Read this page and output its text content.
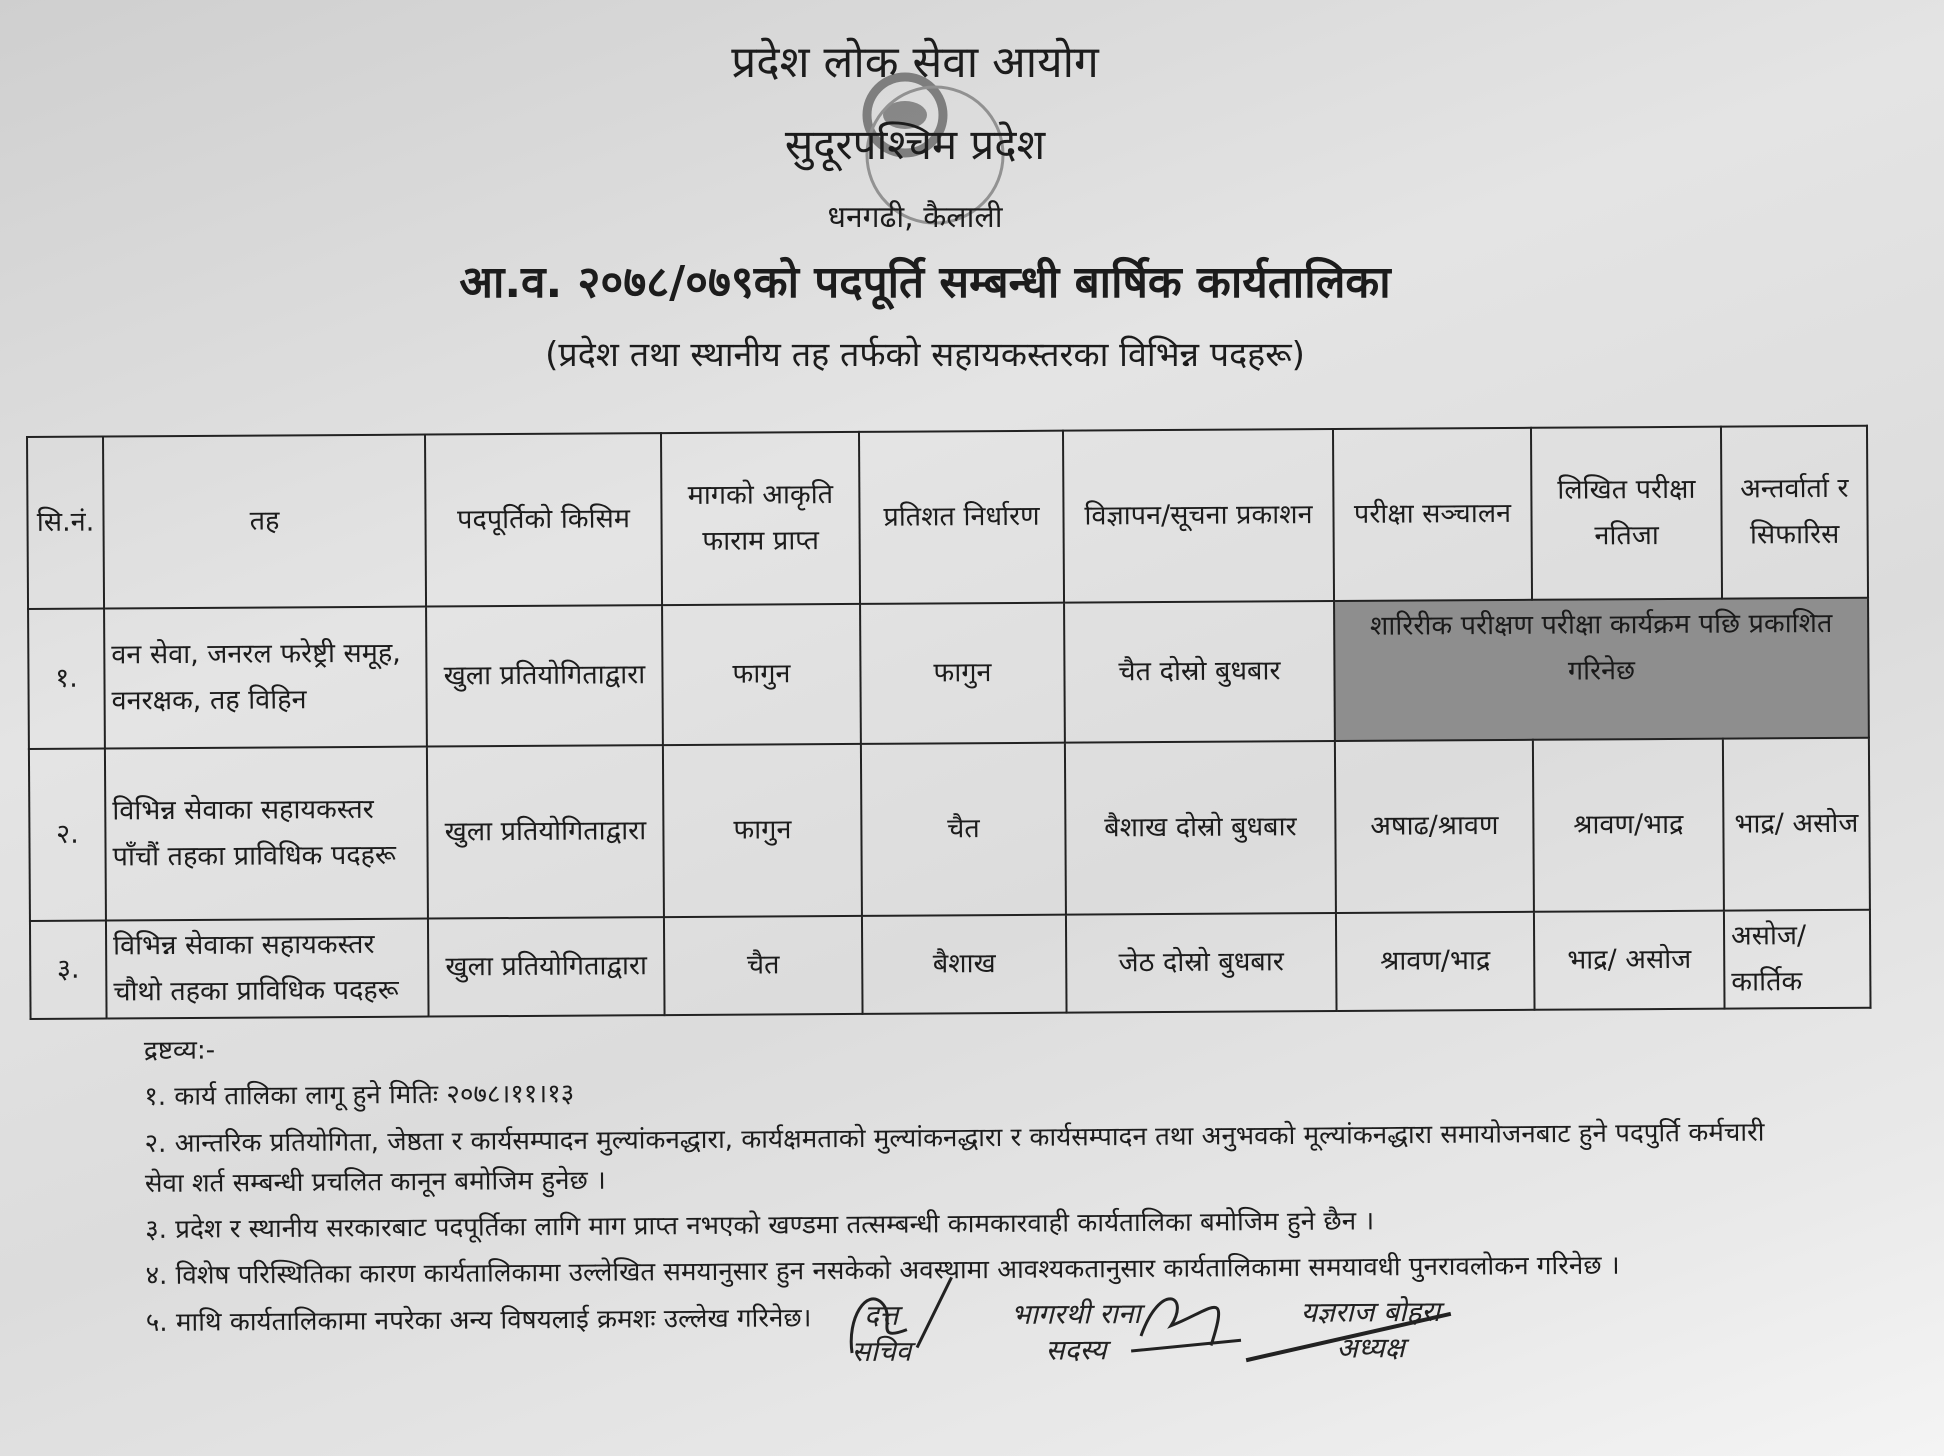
प्रदेश लोक सेवा आयोग
सुदूरपश्चिम प्रदेश
धनगढी, कैलाली
आ.व. २०७८/०७९को पदपूर्ति सम्बन्धी बार्षिक कार्यतालिका
(प्रदेश तथा स्थानीय तह तर्फको सहायकस्तरका विभिन्न पदहरू)
सि.नं.	तह	पदपूर्तिको किसिम	मागको आकृति फाराम प्राप्त	प्रतिशत निर्धारण	विज्ञापन/सूचना प्रकाशन	परीक्षा सञ्चालन	लिखित परीक्षा नतिजा	अन्तर्वार्ता र सिफारिस
१.	वन सेवा, जनरल फरेष्ट्री समूह, वनरक्षक, तह विहिन	खुला प्रतियोगिताद्वारा	फागुन	फागुन	चैत दोस्रो बुधबार	शारिरीक परीक्षण परीक्षा कार्यक्रम पछि प्रकाशित गरिनेछ		
२.	विभिन्न सेवाका सहायकस्तर पाँचौं तहका प्राविधिक पदहरू	खुला प्रतियोगिताद्वारा	फागुन	चैत	बैशाख दोस्रो बुधबार	अषाढ/श्रावण	श्रावण/भाद्र	भाद्र/ असोज
३.	विभिन्न सेवाका सहायकस्तर चौथो तहका प्राविधिक पदहरू	खुला प्रतियोगिताद्वारा	चैत	बैशाख	जेठ दोस्रो बुधबार	श्रावण/भाद्र	भाद्र/ असोज	असोज/ कार्तिक

द्रष्टव्य:-

१. कार्य तालिका लागू हुने मितिः २०७८।११।१३

२. आन्तरिक प्रतियोगिता, जेष्ठता र कार्यसम्पादन मुल्यांकनद्धारा, कार्यक्षमताको मुल्यांकनद्धारा र कार्यसम्पादन तथा अनुभवको मूल्यांकनद्धारा समायोजनबाट हुने पदपुर्ति कर्मचारी सेवा शर्त सम्बन्धी प्रचलित कानून बमोजिम हुनेछ ।

३. प्रदेश र स्थानीय सरकारबाट पदपूर्तिका लागि माग प्राप्त नभएको खण्डमा तत्सम्बन्धी कामकारवाही कार्यतालिका बमोजिम हुने छैन ।

४. विशेष परिस्थितिका कारण कार्यतालिकामा उल्लेखित समयानुसार हुन नसकेको अवस्थामा आवश्यकतानुसार कार्यतालिकामा समयावधी पुनरावलोकन गरिनेछ ।

५. माथि कार्यतालिकामा नपरेका अन्य विषयलाई क्रमशः उल्लेख गरिनेछ। दत्त
सचिव
भागरथी राना
सदस्य
यज्ञराज बोहरा
अध्यक्ष
